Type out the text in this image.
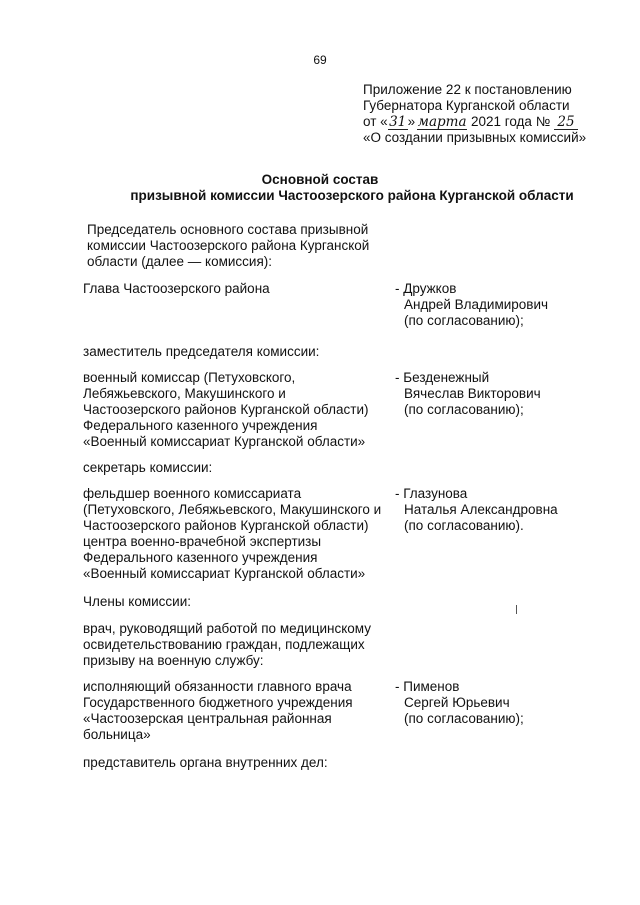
69
Приложение 22 к постановлению
Губернатора Курганской области
от «31» марта 2021 года № 25
«О создании призывных комиссий»
Основной состав
призывной комиссии Частоозерского района Курганской области
Председатель основного состава призывной
комиссии Частоозерского района Курганской
области (далее — комиссия):
Глава Частоозерского района	- Дружков
Андрей Владимирович
(по согласованию);
заместитель председателя комиссии:
военный комиссар (Петуховского,
Лебяжьевского, Макушинского и
Частоозерского районов Курганской области)
Федерального казенного учреждения
«Военный комиссариат Курганской области»
- Безденежный
Вячеслав Викторович
(по согласованию);
секретарь комиссии:
фельдшер военного комиссариата
(Петуховского, Лебяжьевского, Макушинского и
Частоозерского районов Курганской области)
центра военно-врачебной экспертизы
Федерального казенного учреждения
«Военный комиссариат Курганской области»
- Глазунова
Наталья Александровна
(по согласованию).
Члены комиссии:
врач, руководящий работой по медицинскому
освидетельствованию граждан, подлежащих
призыву на военную службу:
исполняющий обязанности главного врача
Государственного бюджетного учреждения
«Частоозерская центральная районная
больница»
- Пименов
Сергей Юрьевич
(по согласованию);
представитель органа внутренних дел:
